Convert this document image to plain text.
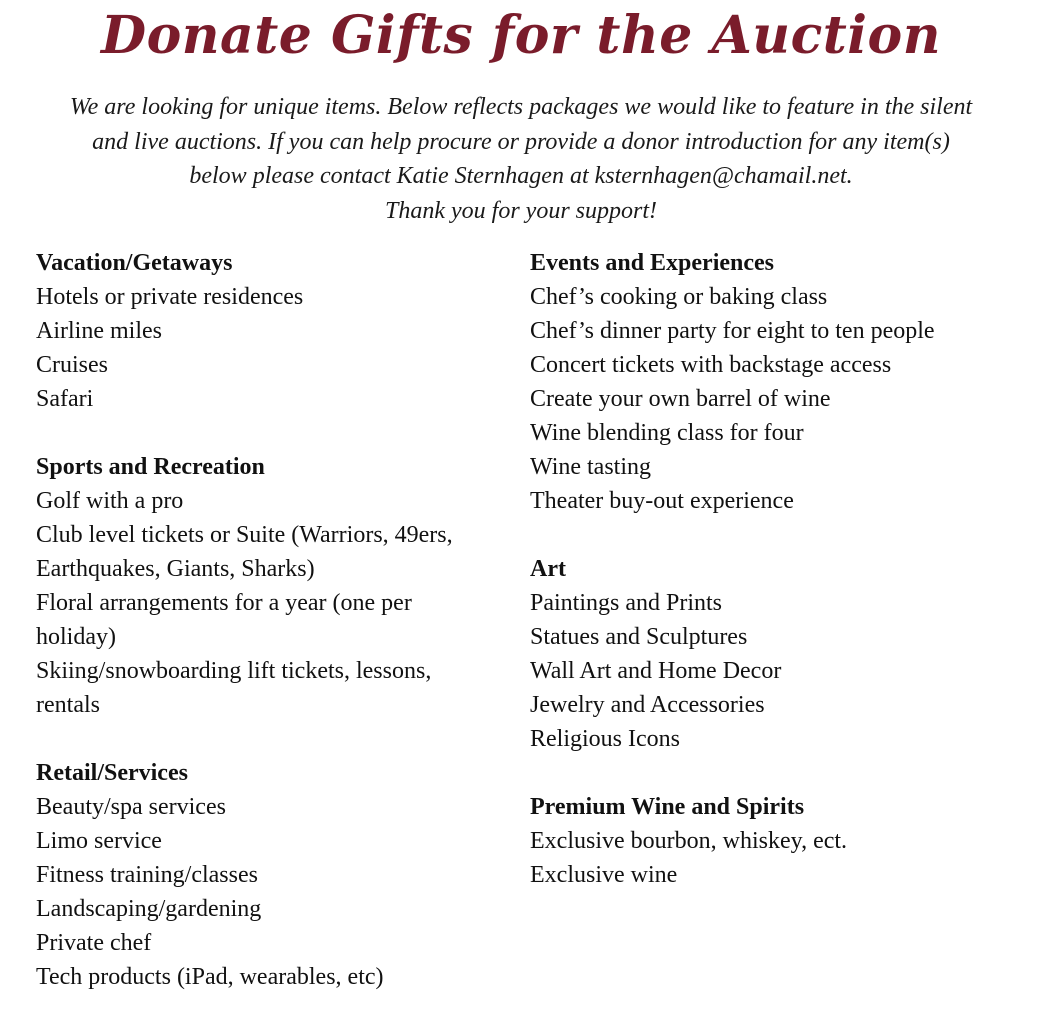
Donate Gifts for the Auction
We are looking for unique items. Below reflects packages we would like to feature in the silent
and live auctions. If you can help procure or provide a donor introduction for any item(s)
below please contact Katie Sternhagen at ksternhagen@chamail.net.
Thank you for your support!
Vacation/Getaways
Hotels or private residences
Airline miles
Cruises
Safari
Sports and Recreation
Golf with a pro
Club level tickets or Suite (Warriors, 49ers,
Earthquakes, Giants, Sharks)
Floral arrangements for a year (one per
holiday)
Skiing/snowboarding lift tickets, lessons,
rentals
Retail/Services
Beauty/spa services
Limo service
Fitness training/classes
Landscaping/gardening
Private chef
Tech products (iPad, wearables, etc)
Events and Experiences
Chef’s cooking or baking class
Chef’s dinner party for eight to ten people
Concert tickets with backstage access
Create your own barrel of wine
Wine blending class for four
Wine tasting
Theater buy-out experience
Art
Paintings and Prints
Statues and Sculptures
Wall Art and Home Decor
Jewelry and Accessories
Religious Icons
Premium Wine and Spirits
Exclusive bourbon, whiskey, ect.
Exclusive wine
